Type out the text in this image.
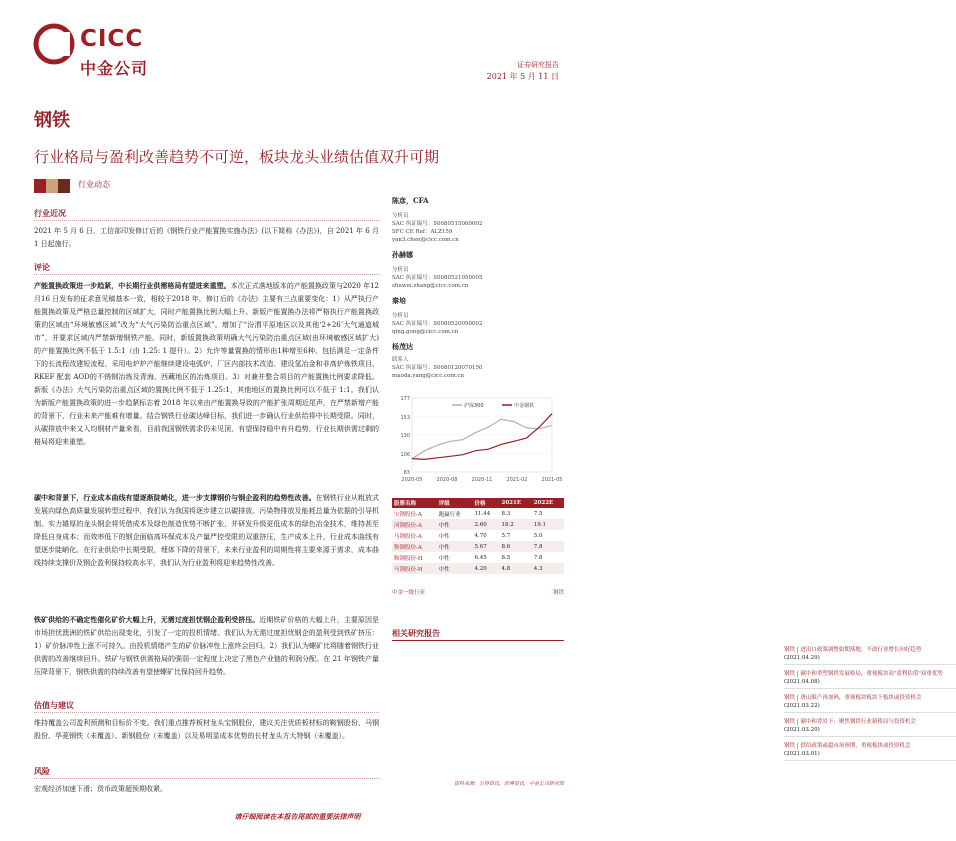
CICC
中金公司	证券研究报告
2021 年 5 月 11 日
钢铁
行业格局与盈利改善趋势不可逆，板块龙头业绩估值双升可期
行业动态
行业近况
2021 年 5 月 6 日，工信部印发修订后的《钢铁行业产能置换实施办法》(以下简称《办法》)，自 2021 年 6 月 1 日起施行。
评论
产能置换政策进一步趋紧，中长期行业供需格局有望进来重塑。本次正式落地版本的产能置换政策与2020 年12 月16 日发布的征求意见稿基本一致，相较于2018 年，修订后的《办法》主要有三点重要变化：1）从严执行产能置换政策及严格总量控制的区域扩大，同时产能置换比例大幅上升。新版产能置换办法将严格执行产能置换政策的区域由“环境敏感区域”改为“大气污染防治重点区域”。增加了“汾渭平原地区以及其他‘2+26’大气通道城市”，并要求区域内严禁新增钢铁产能。同时，新版置换政策明确大气污染防治重点区域(由环境敏感区域扩大)的产能置换比例不低于 1.5:1（由 1.25: 1 提升）。2）允许等量置换的情形由1种增至6种。包括满足一定条件下的长流程改建短流程、采用电炉炉产能继续建设电弧炉、厂区内部技术改造、建设氢冶金和非高炉炼铁项目、RKEF 配套 AOD的不锈钢冶炼及青海、西藏地区的冶炼项目。3）对兼并整合项目的产能置换比例要求降低。新版《办法》大气污染防治重点区域的置换比例不低于 1.25:1，其他地区的置换比例可以不低于 1:1。我们认为新版产能置换政策的进一步趋紧标志着 2018 年以来由产能置换导致的产能扩张周期近尾声，在严禁新增产能的背景下，行业未来产能难有增量。结合钢铁行业碳达峰目标，我们进一步确认行业供给将中长期受限。同时，从碳排放中来又入均钢材产量来看，目前我国钢铁需求仍未见顶，有望保持稳中有升趋势，行业长期供需过剩的格局将迎来重塑。
碳中和背景下，行业成本曲线有望逐渐陡峭化，进一步支撑钢价与钢企盈利的趋势性改善。在钢铁行业从粗放式发展向绿色高质量发展转型过程中，我们认为我国将逐步建立以碳排放、污染物排放及能耗总量为依据的引导机制。实力雄厚的龙头钢企将凭借成本及绿色制造优势不断扩张，并研发升级更低成本的绿色冶金技术，维持甚至降低自身成本；而效率低下的钢企面临高环保成本及产量严控受限的双重挤压，生产成本上升，行业成本曲线有望逐步陡峭化。在行业供给中长期受限，埋体下降的背景下，未来行业盈利的周期性将主要来源于需求，成本曲线持续支撑价及钢企盈利保持较高水平，我们认为行业盈利将迎来趋势性改善。
铁矿供给的不确定性催化矿价大幅上升，无需过度担忧钢企盈利受挤压。近期铁矿价格的大幅上升，主要原因是市场担忧澳洲的铁矿供给出现变化，引发了一定的投机情绪。我们认为无需过度担忧钢企的盈利受到铁矿挤压：1）矿价脉冲性上涨不可持久。由投机情绪产生的矿价脉冲性上涨终会回归。2）我们认为螺矿比将随着钢铁行业供需的改善继续回升。铁矿与钢铁供需格局的强弱一定程度上决定了黑色产业链的利润分配。在 21 年钢铁产量压降背景下，钢铁供需的持续改善有望使螺矿比保持回升趋势。
估值与建议
维持覆盖公司盈利预测和目标价不变。我们重点推荐板材龙头宝钢股份，建议关注优质板材标的鞍钢股份、马钢股份、华菱钢铁（未覆盖）、新钢股份（未覆盖）以及易明显成本优势的长材龙头方大特钢（未覆盖）。
风险
宏观经济加速下滑；货币政策超预期收紧。
陈彦，CFA
分析员
SAC 执证编号：S0080515060002
SFC CE Ref：ALZ159
yan3.chen@cicc.com.cn
孙赫娜
分析员
SAC 执证编号：S0080521050005
shuwei.zhang@cicc.com.cn
秦培
分析员
SAC 执证编号：S0080520090002
qing.gong@cicc.com.cn
杨茂达
联系人
SAC 执证编号：S0080120070150
maoda.yang@cicc.com.cn
83
106
130
153
177
2020-05	2020-08	2020-11	2021-02	2021-05
沪深300	中金钢铁
股票名称	评级	价格	2021E	2022E
宝钢股份-A	跑赢行业	11.44	8.3	7.5
河钢股份-A	中性	2.60	18.2	19.1
马钢股份-A	中性	4.70	5.7	5.0
鞍钢股份-A	中性	5.67	8.6	7.8
鞍钢股份-H	中性	6.45	8.5	7.8
马钢股份-H	中性	4.20	4.8	4.3
中金一级行业	钢铁
相关研究报告
钢铁 | 进出口政策调整如期落地，不改行业增长向好趋势
(2021.04.29)
钢铁 | 碳中和重塑钢铁发展格局，重视板块高"盈利估值"双重优势
(2021.04.08)
钢铁 | 唐山限产再加码，重视板块板块下板块或投资机会
(2021.03.22)
钢铁 | 碳中和背景下：聚焦钢铁行业新格局与投资机会
(2021.03.20)
钢铁 | 供给政策或超市场预期，重视板块或投资机会
(2021.03.01)
资料来源：万得资讯，彭博资讯，中金公司研究部
请仔细阅读在本报告尾部的重要法律声明
